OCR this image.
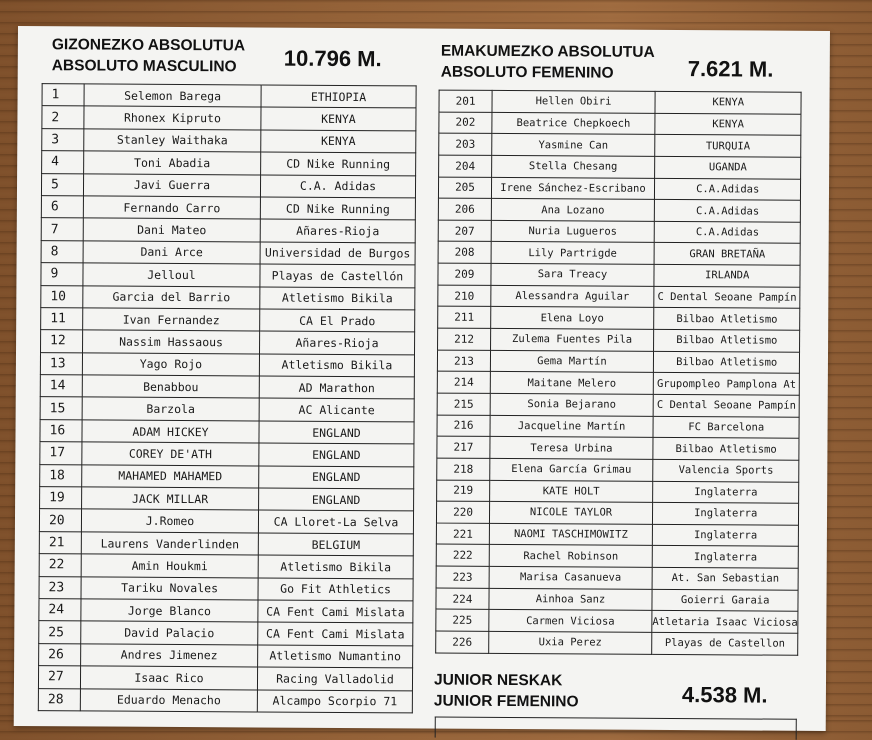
GIZONEZKO ABSOLUTUA
ABSOLUTO MASCULINO	10.796 M.
1	Selemon Barega	ETHIOPIA
2	Rhonex Kipruto	KENYA
3	Stanley Waithaka	KENYA
4	Toni Abadia	CD Nike Running
5	Javi Guerra	C.A. Adidas
6	Fernando Carro	CD Nike Running
7	Dani Mateo	Añares-Rioja
8	Dani Arce	Universidad de Burgos
9	Jelloul	Playas de Castellón
10	Garcia del Barrio	Atletismo Bikila
11	Ivan Fernandez	CA El Prado
12	Nassim Hassaous	Añares-Rioja
13	Yago Rojo	Atletismo Bikila
14	Benabbou	AD Marathon
15	Barzola	AC Alicante
16	ADAM HICKEY	ENGLAND
17	COREY DE'ATH	ENGLAND
18	MAHAMED MAHAMED	ENGLAND
19	JACK MILLAR	ENGLAND
20	J.Romeo	CA Lloret-La Selva
21	Laurens Vanderlinden	BELGIUM
22	Amin Houkmi	Atletismo Bikila
23	Tariku Novales	Go Fit Athletics
24	Jorge Blanco	CA Fent Cami Mislata
25	David Palacio	CA Fent Cami Mislata
26	Andres Jimenez	Atletismo Numantino
27	Isaac Rico	Racing Valladolid
28	Eduardo Menacho	Alcampo Scorpio 71
EMAKUMEZKO ABSOLUTUA
ABSOLUTO FEMENINO	7.621 M.
201	Hellen Obiri	KENYA
202	Beatrice Chepkoech	KENYA
203	Yasmine Can	TURQUIA
204	Stella Chesang	UGANDA
205	Irene Sánchez-Escribano	C.A.Adidas
206	Ana Lozano	C.A.Adidas
207	Nuria Lugueros	C.A.Adidas
208	Lily Partrigde	GRAN BRETAÑA
209	Sara Treacy	IRLANDA
210	Alessandra Aguilar	C Dental Seoane Pampín
211	Elena Loyo	Bilbao Atletismo
212	Zulema Fuentes Pila	Bilbao Atletismo
213	Gema Martín	Bilbao Atletismo
214	Maitane Melero	Grupompleo Pamplona At
215	Sonia Bejarano	C Dental Seoane Pampín
216	Jacqueline Martín	FC Barcelona
217	Teresa Urbina	Bilbao Atletismo
218	Elena García Grimau	Valencia Sports
219	KATE HOLT	Inglaterra
220	NICOLE TAYLOR	Inglaterra
221	NAOMI TASCHIMOWITZ	Inglaterra
222	Rachel Robinson	Inglaterra
223	Marisa Casanueva	At. San Sebastian
224	Ainhoa Sanz	Goierri Garaia
225	Carmen Viciosa	Atletaria Isaac Viciosa
226	Uxia Perez	Playas de Castellon
JUNIOR NESKAK
JUNIOR FEMENINO	4.538 M.
